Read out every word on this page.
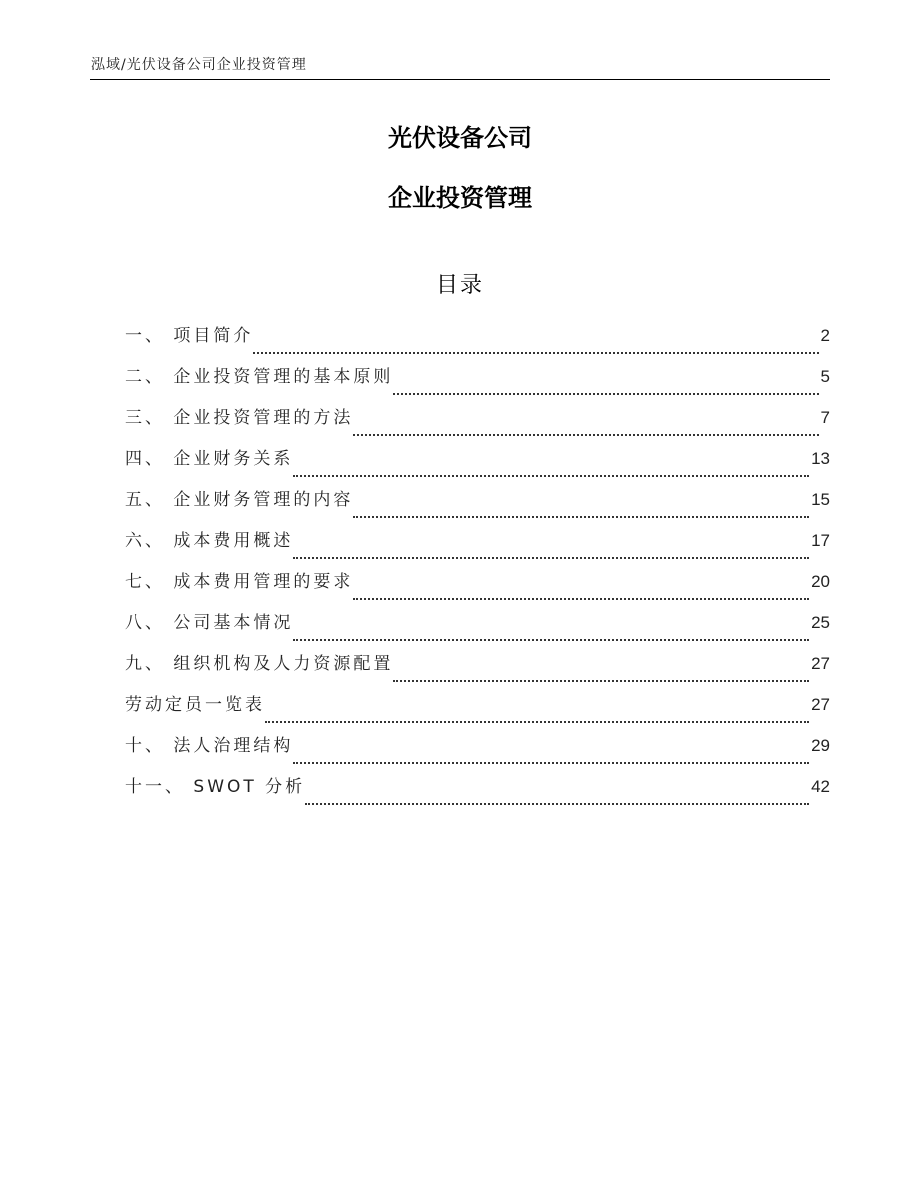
泓域/光伏设备公司企业投资管理
光伏设备公司
企业投资管理
目录
一、 项目简介	2
二、 企业投资管理的基本原则	5
三、 企业投资管理的方法	7
四、 企业财务关系	13
五、 企业财务管理的内容	15
六、 成本费用概述	17
七、 成本费用管理的要求	20
八、 公司基本情况	25
九、 组织机构及人力资源配置	27
劳动定员一览表	27
十、 法人治理结构	29
十一、 SWOT 分析	42
